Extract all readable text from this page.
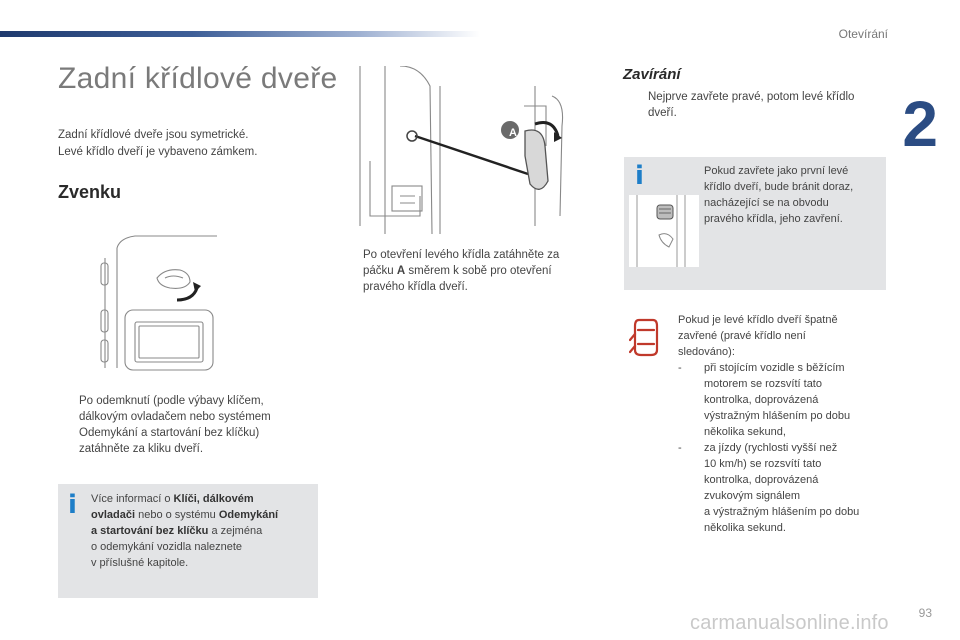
Otevírání
2
93
Zadní křídlové dveře
Zadní křídlové dveře jsou symetrické.
Levé křídlo dveří je vybaveno zámkem.
Zvenku
Po odemknutí (podle výbavy klíčem,
dálkovým ovladačem nebo systémem
Odemykání a startování bez klíčku)
zatáhněte za kliku dveří.
i Více informací o Klíči, dálkovém
ovladači nebo o systému Odemykání
a startování bez klíčku a zejména
o odemykání vozidla naleznete
v příslušné kapitole.
A
Po otevření levého křídla zatáhněte za
páčku A směrem k sobě pro otevření
pravého křídla dveří.
Zavírání
Nejprve zavřete pravé, potom levé křídlo
dveří.
i	Pokud zavřete jako první levé
křídlo dveří, bude bránit doraz,
nacházející se na obvodu
pravého křídla, jeho zavření.
Pokud je levé křídlo dveří špatně
zavřené (pravé křídlo není
sledováno):
- při stojícím vozidle s běžícím
motorem se rozsvítí tato
kontrolka, doprovázená
výstražným hlášením po dobu
několika sekund,
- za jízdy (rychlosti vyšší než
10 km/h) se rozsvítí tato
kontrolka, doprovázená
zvukovým signálem
a výstražným hlášením po dobu
několika sekund.
carmanualsonline.info
